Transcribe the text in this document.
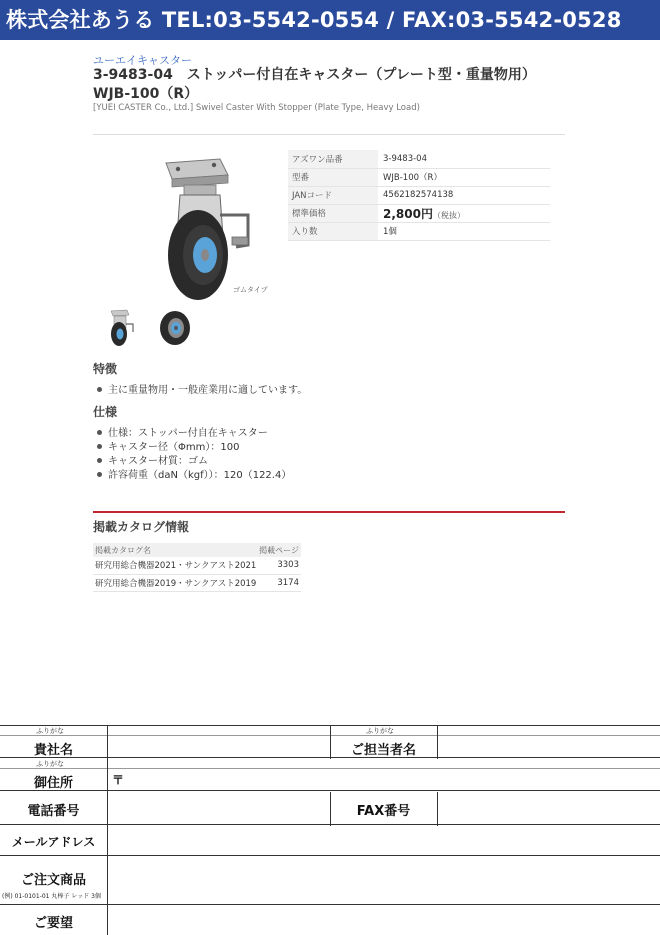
株式会社あうる TEL:03-5542-0554 / FAX:03-5542-0528
ユーエイキャスター
3-9483-04　ストッパー付自在キャスター（プレート型・重量物用）　WJB-100（R）
[YUEI CASTER Co., Ltd.] Swivel Caster With Stopper (Plate Type, Heavy Load)
ゴムタイプ
アズワン品番	3-9483-04
型番	WJB-100（R）
JANコード	4562182574138
標準価格	2,800円（税抜）
入り数	1個
特徴
主に重量物用・一般産業用に適しています。
仕様
仕様：ストッパー付自在キャスター
キャスター径（Φmm）：100
キャスター材質：ゴム
許容荷重（daN（kgf））：120（122.4）
掲載カタログ情報
掲載カタログ名	掲載ページ
研究用総合機器2021・サンクアスト2021	3303
研究用総合機器2019・サンクアスト2019	3174
ふりがな	ふりがな
貴社名	ご担当者名
ふりがな
御住所	〒
電話番号	FAX番号
メールアドレス
ご注文商品
(例) 01-0101-01 丸棒子 レッド 3個
ご要望
